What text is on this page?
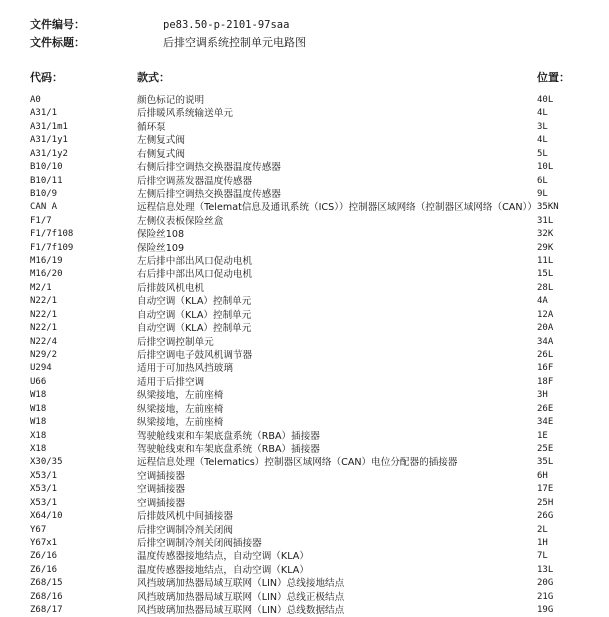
文件编号：	pe83.50-p-2101-97saa
文件标题：	后排空调系统控制单元电路图
代码：	款式：	位置：
A0	颜色标记的说明	40L
A31/1	后排暖风系统输送单元	4L
A31/1m1	循环泵	3L
A31/1y1	左侧复式阀	4L
A31/1y2	右侧复式阀	5L
B10/10	右侧后排空调热交换器温度传感器	10L
B10/11	后排空调蒸发器温度传感器	6L
B10/9	左侧后排空调热交换器温度传感器	9L
CAN A	远程信息处理（Telemat信息及通讯系统（ICS））控制器区域网络（控制器区域网络（CAN）） 35KN
F1/7	左侧仪表板保险丝盒	31L
F1/7f108	保险丝108	32K
F1/7f109	保险丝109	29K
M16/19	左后排中部出风口促动电机	11L
M16/20	右后排中部出风口促动电机	15L
M2/1	后排鼓风机电机	28L
N22/1	自动空调（KLA）控制单元	4A
N22/1	自动空调（KLA）控制单元	12A
N22/1	自动空调（KLA）控制单元	20A
N22/4	后排空调控制单元	34A
N29/2	后排空调电子鼓风机调节器	26L
U294	适用于可加热风挡玻璃	16F
U66	适用于后排空调	18F
W18	纵梁接地，左前座椅	3H
W18	纵梁接地，左前座椅	26E
W18	纵梁接地，左前座椅	34E
X18	驾驶舱线束和车架底盘系统（RBA）插接器	1E
X18	驾驶舱线束和车架底盘系统（RBA）插接器	25E
X30/35	远程信息处理（Telematics）控制器区域网络（CAN）电位分配器的插接器	35L
X53/1	空调插接器	6H
X53/1	空调插接器	17E
X53/1	空调插接器	25H
X64/10	后排鼓风机中间插接器	26G
Y67	后排空调制冷剂关闭阀	2L
Y67x1	后排空调制冷剂关闭阀插接器	1H
Z6/16	温度传感器接地结点，自动空调（KLA）	7L
Z6/16	温度传感器接地结点，自动空调（KLA）	13L
Z68/15	风挡玻璃加热器局域互联网（LIN）总线接地结点	20G
Z68/16	风挡玻璃加热器局域互联网（LIN）总线正极结点	21G
Z68/17	风挡玻璃加热器局域互联网（LIN）总线数据结点	19G
